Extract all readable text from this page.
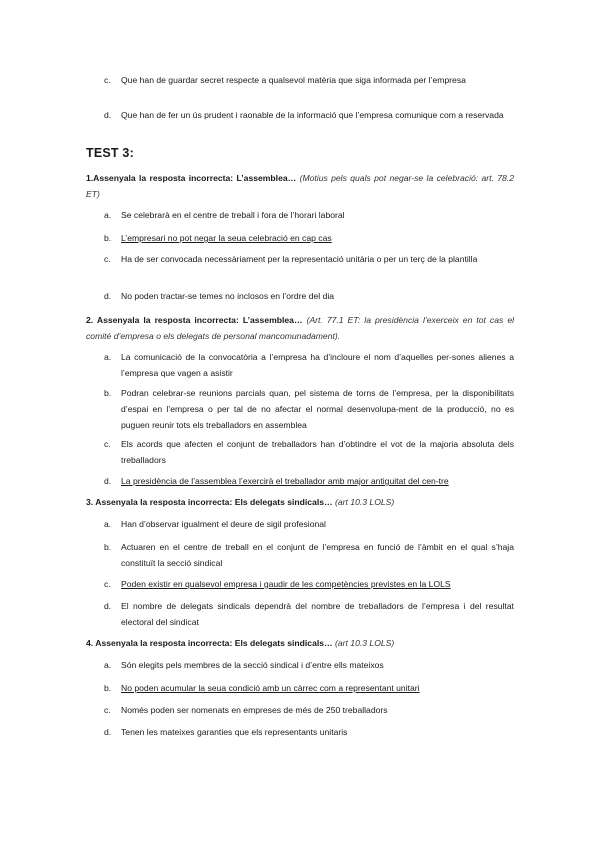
c.	Que han de guardar secret respecte a qualsevol matèria que siga informada per l’empresa
d.	Que han de fer un ús prudent i raonable de la informació que l’empresa comunique com a reservada
TEST 3:
1.Assenyala la resposta incorrecta: L’assemblea… (Motius pels quals pot negar-se la celebració: art. 78.2 ET)
a.	Se celebrarà en el centre de treball i fora de l’horari laboral
b.	L’empresari no pot negar la seua celebració en cap cas
c.	Ha de ser convocada necessàriament per la representació unitària o per un terç de la plantilla
d.	No poden tractar-se temes no inclosos en l’ordre del dia
2. Assenyala la resposta incorrecta: L’assemblea… (Art. 77.1 ET: la presidència l’exerceix en tot cas el comité d’empresa o els delegats de personal mancomunadament).
a.	La comunicació de la convocatòria a l’empresa ha d’incloure el nom d’aquelles per-sones alienes a l’empresa que vagen a asistir
b.	Podran celebrar-se reunions parcials quan, pel sistema de torns de l’empresa, per la disponibilitats d’espai en l’empresa o per tal de no afectar el normal desenvolupa-ment de la producció, no es puguen reunir tots els treballadors en assemblea
c.	Els acords que afecten el conjunt de treballadors han d’obtindre el vot de la majoria absoluta dels treballadors
d.	La presidència de l’assemblea l’exercirà el treballador amb major antiguitat del cen-tre
3. Assenyala la resposta incorrecta: Els delegats sindicals… (art 10.3 LOLS)
a.	Han d’observar igualment el deure de sigil profesional
b.	Actuaren en el centre de treball en el conjunt de l’empresa en funció de l’àmbit en el qual s’haja constituït la secció sindical
c.	Poden existir en qualsevol empresa i gaudir de les competències previstes en la LOLS
d.	El nombre de delegats sindicals dependrà del nombre de treballadors de l’empresa i del resultat electoral del sindicat
4. Assenyala la resposta incorrecta: Els delegats sindicals… (art 10.3 LOLS)
a.	Són elegits pels membres de la secció sindical i d’entre ells mateixos
b.	No poden acumular la seua condició amb un càrrec com a representant unitari
c.	Només poden ser nomenats en empreses de més de 250 treballadors
d.	Tenen les mateixes garanties que els representants unitaris
